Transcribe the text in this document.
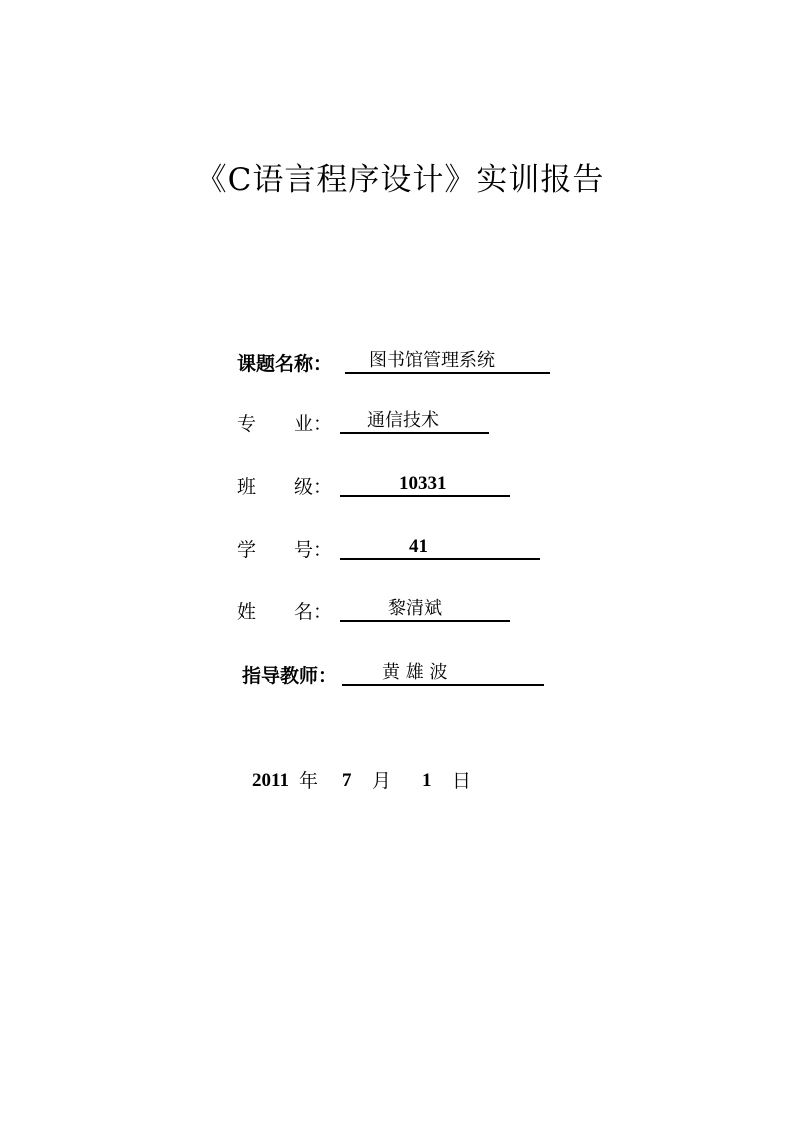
《C语言程序设计》实训报告
课题名称： 图书馆管理系统
专　　业： 通信技术
班　　级：	10331
学　　号：	41
姓　　名：	黎清斌
指导教师： 黄 雄 波
2011 年 7 月 1 日
